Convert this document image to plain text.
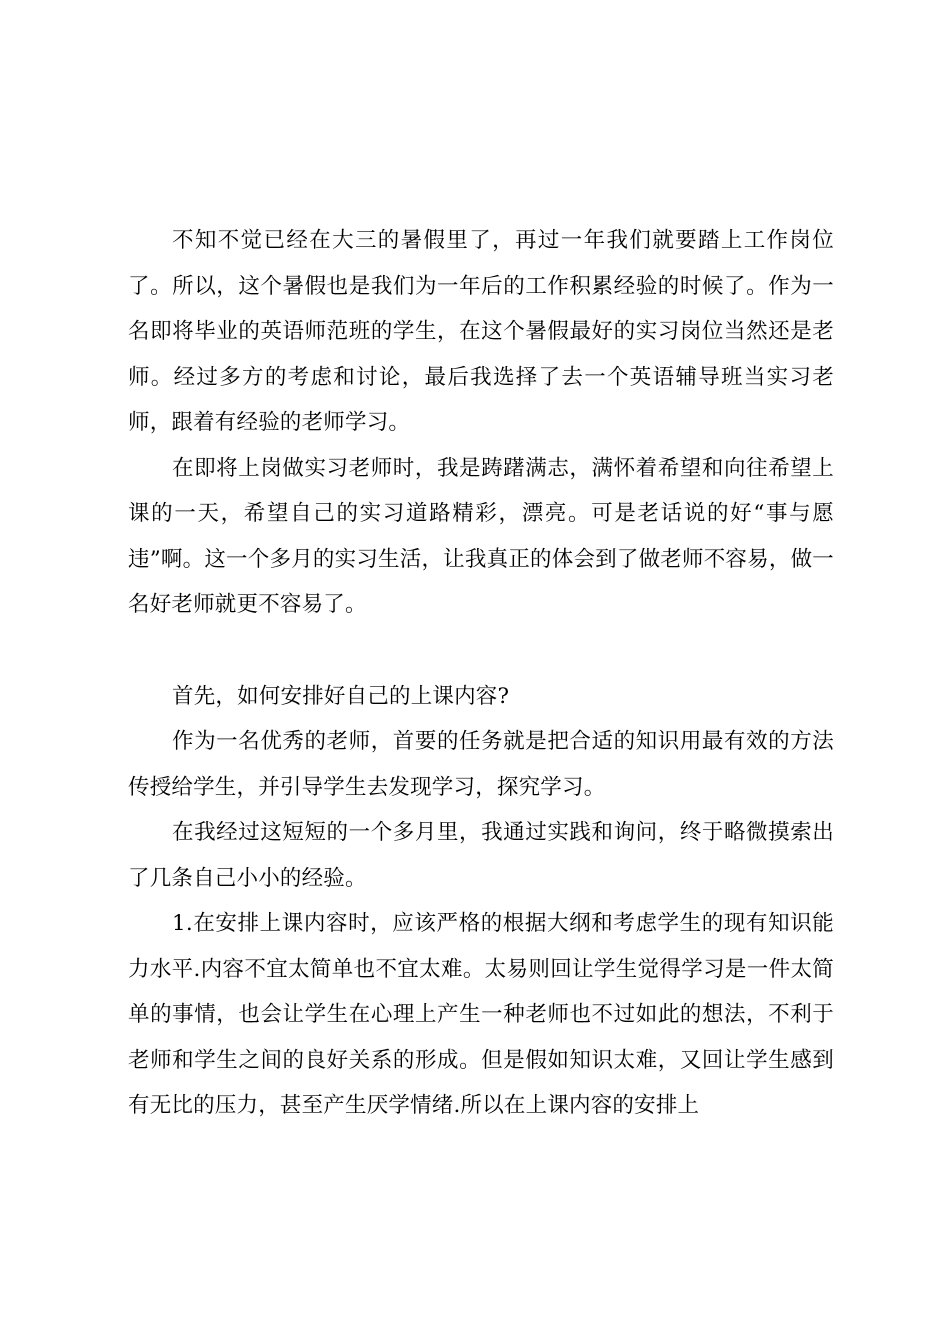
不知不觉已经在大三的暑假里了，再过一年我们就要踏上工作岗位了。所以，这个暑假也是我们为一年后的工作积累经验的时候了。作为一名即将毕业的英语师范班的学生，在这个暑假最好的实习岗位当然还是老师。经过多方的考虑和讨论，最后我选择了去一个英语辅导班当实习老师，跟着有经验的老师学习。

在即将上岗做实习老师时，我是踌躇满志，满怀着希望和向往希望上课的一天，希望自己的实习道路精彩，漂亮。可是老话说的好“事与愿违”啊。这一个多月的实习生活，让我真正的体会到了做老师不容易，做一名好老师就更不容易了。

首先，如何安排好自己的上课内容?

作为一名优秀的老师，首要的任务就是把合适的知识用最有效的方法传授给学生，并引导学生去发现学习，探究学习。

在我经过这短短的一个多月里，我通过实践和询问，终于略微摸索出了几条自己小小的经验。

1.在安排上课内容时，应该严格的根据大纲和考虑学生的现有知识能力水平.内容不宜太简单也不宜太难。太易则回让学生觉得学习是一件太简单的事情，也会让学生在心理上产生一种老师也不过如此的想法，不利于老师和学生之间的良好关系的形成。但是假如知识太难，又回让学生感到有无比的压力，甚至产生厌学情绪.所以在上课内容的安排上
